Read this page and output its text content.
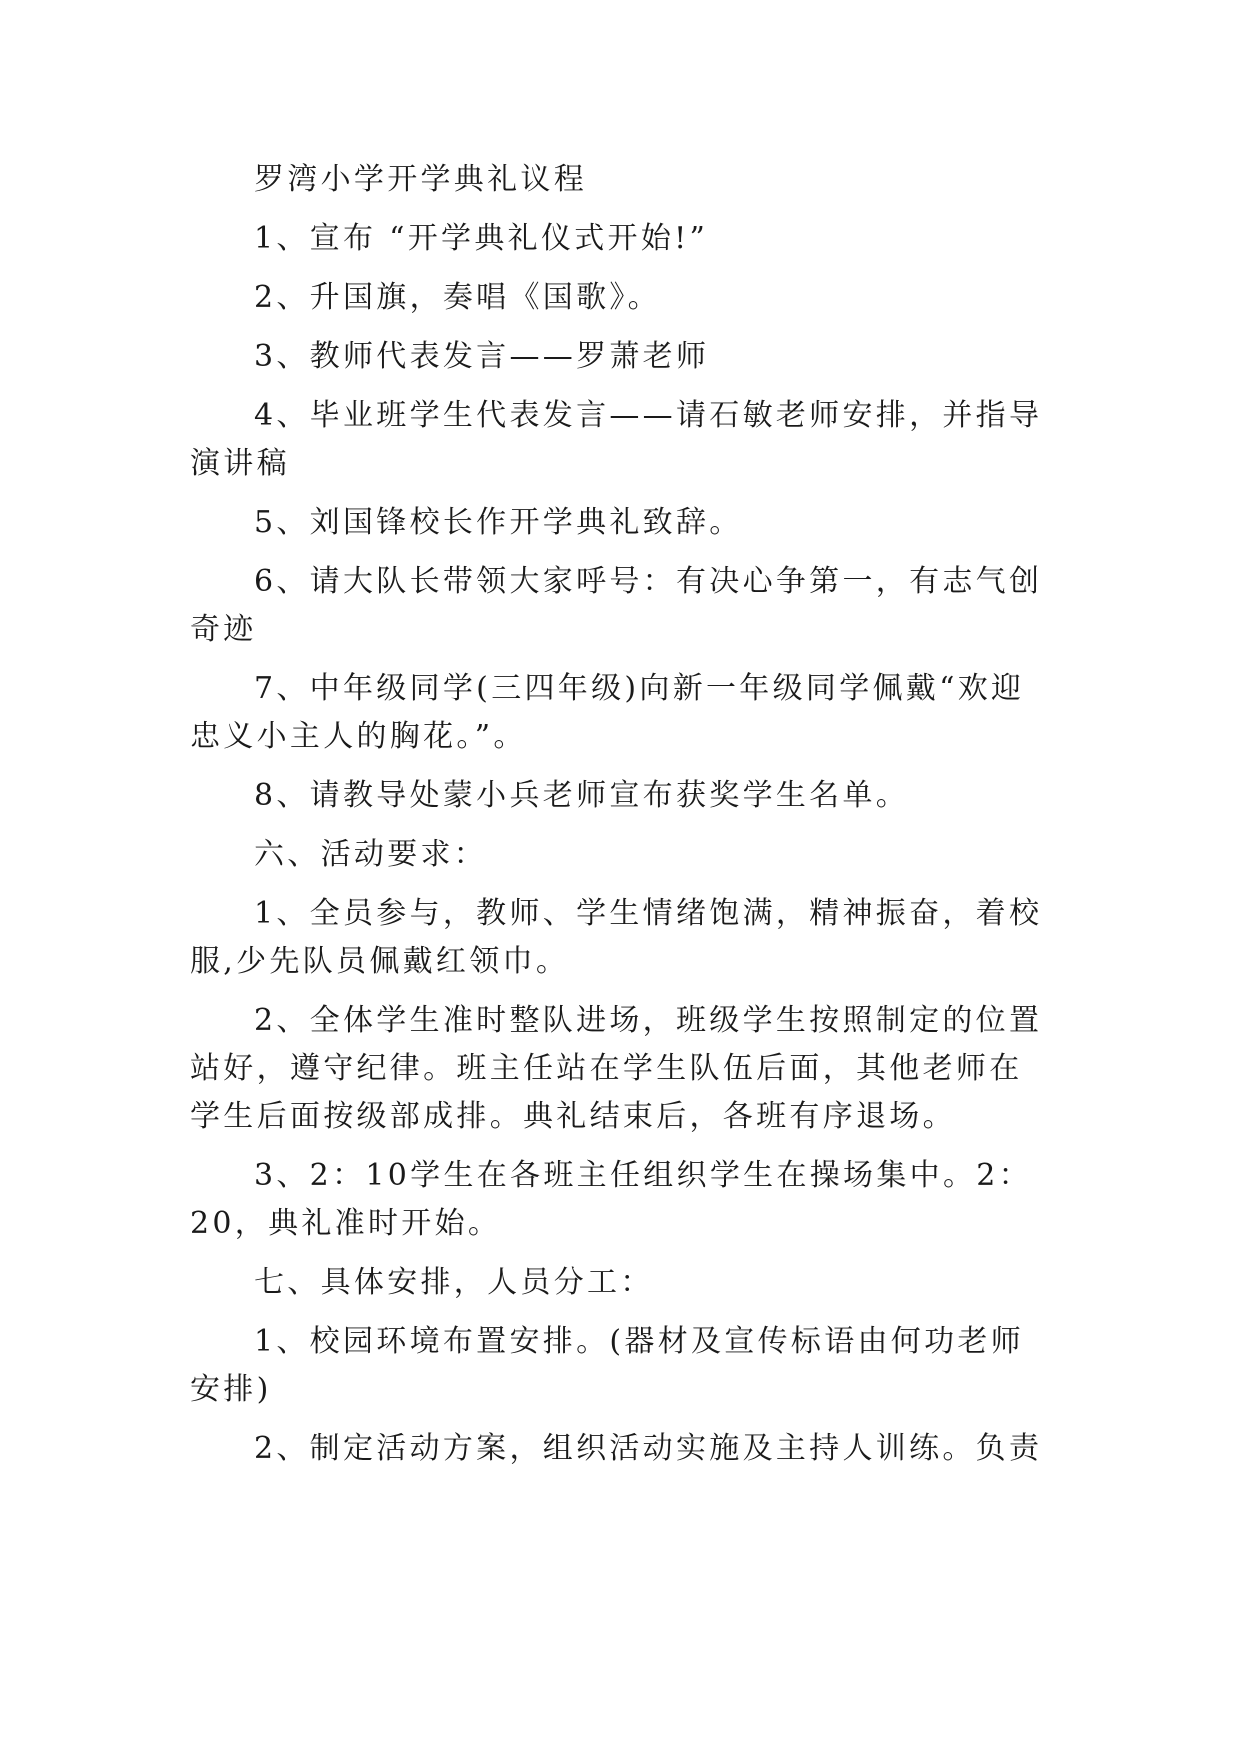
罗湾小学开学典礼议程

1、宣布 “开学典礼仪式开始!”

2、升国旗，奏唱《国歌》。

3、教师代表发言——罗萧老师

4、毕业班学生代表发言——请石敏老师安排，并指导演讲稿

5、刘国锋校长作开学典礼致辞。

6、请大队长带领大家呼号：有决心争第一，有志气创奇迹

7、中年级同学(三四年级)向新一年级同学佩戴“欢迎忠义小主人的胸花。”。

8、请教导处蒙小兵老师宣布获奖学生名单。

六、活动要求：

1、全员参与，教师、学生情绪饱满，精神振奋，着校服,少先队员佩戴红领巾。

2、全体学生准时整队进场，班级学生按照制定的位置站好，遵守纪律。班主任站在学生队伍后面，其他老师在学生后面按级部成排。典礼结束后，各班有序退场。

3、2：10学生在各班主任组织学生在操场集中。2：20，典礼准时开始。

七、具体安排，人员分工：

1、校园环境布置安排。(器材及宣传标语由何功老师安排)

2、制定活动方案，组织活动实施及主持人训练。负责
